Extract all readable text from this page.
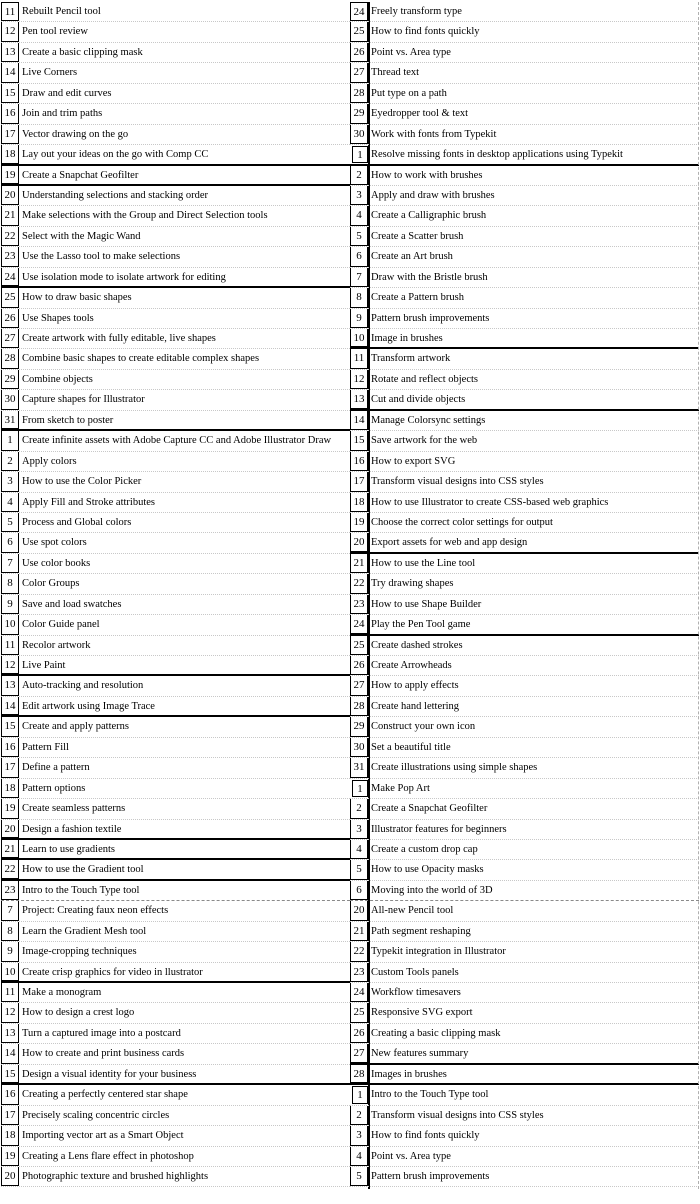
11 Rebuilt Pencil tool
12 Pen tool review
13 Create a basic clipping mask
14 Live Corners
15 Draw and edit curves
16 Join and trim paths
17 Vector drawing on the go
18 Lay out your ideas on the go with Comp CC
19 Create a Snapchat Geofilter
20 Understanding selections and stacking order
21 Make selections with the Group and Direct Selection tools
22 Select with the Magic Wand
23 Use the Lasso tool to make selections
24 Use isolation mode to isolate artwork for editing
25 How to draw basic shapes
26 Use Shapes tools
27 Create artwork with fully editable, live shapes
28 Combine basic shapes to create editable complex shapes
29 Combine objects
30 Capture shapes for Illustrator
31 From sketch to poster
1 Create infinite assets with Adobe Capture CC and Adobe Illustrator Draw
2 Apply colors
3 How to use the Color Picker
4 Apply Fill and Stroke attributes
5 Process and Global colors
6 Use spot colors
7 Use color books
8 Color Groups
9 Save and load swatches
10 Color Guide panel
11 Recolor artwork
12 Live Paint
13 Auto-tracking and resolution
14 Edit artwork using Image Trace
15 Create and apply patterns
16 Pattern Fill
17 Define a pattern
18 Pattern options
19 Create seamless patterns
20 Design a fashion textile
21 Learn to use gradients
22 How to use the Gradient tool
23 Intro to the Touch Type tool
7 Project: Creating faux neon effects
8 Learn the Gradient Mesh tool
9 Image-cropping techniques
10 Create crisp graphics for video in llustrator
11 Make a monogram
12 How to design a crest logo
13 Turn a captured image into a postcard
14 How to create and print business cards
15 Design a visual identity for your business
16 Creating a perfectly centered star shape
17 Precisely scaling concentric circles
18 Importing vector art as a Smart Object
19 Creating a Lens flare effect in photoshop
20 Photographic texture and brushed highlights
24 Freely transform type
25 How to find fonts quickly
26 Point vs. Area type
27 Thread text
28 Put type on a path
29 Eyedropper tool & text
30 Work with fonts from Typekit
1 Resolve missing fonts in desktop applications using Typekit
2 How to work with brushes
3 Apply and draw with brushes
4 Create a Calligraphic brush
5 Create a Scatter brush
6 Create an Art brush
7 Draw with the Bristle brush
8 Create a Pattern brush
9 Pattern brush improvements
10 Image in brushes
11 Transform artwork
12 Rotate and reflect objects
13 Cut and divide objects
14 Manage Colorsync settings
15 Save artwork for the web
16 How to export SVG
17 Transform visual designs into CSS styles
18 How to use Illustrator to create CSS-based web graphics
19 Choose the correct color settings for output
20 Export assets for web and app design
21 How to use the Line tool
22 Try drawing shapes
23 How to use Shape Builder
24 Play the Pen Tool game
25 Create dashed strokes
26 Create Arrowheads
27 How to apply effects
28 Create hand lettering
29 Construct your own icon
30 Set a beautiful title
31 Create illustrations using simple shapes
1 Make Pop Art
2 Create a Snapchat Geofilter
3 Illustrator features for beginners
4 Create a custom drop cap
5 How to use Opacity masks
6 Moving into the world of 3D
20 All-new Pencil tool
21 Path segment reshaping
22 Typekit integration in Illustrator
23 Custom Tools panels
24 Workflow timesavers
25 Responsive SVG export
26 Creating a basic clipping mask
27 New features summary
28 Images in brushes
1 Intro to the Touch Type tool
2 Transform visual designs into CSS styles
3 How to find fonts quickly
4 Point vs. Area type
5 Pattern brush improvements
